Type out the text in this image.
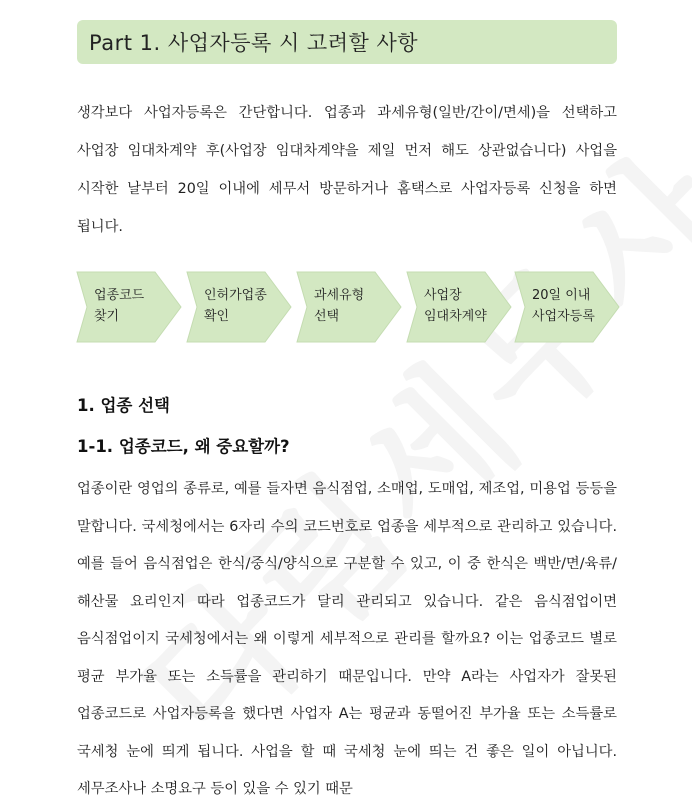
Part 1. 사업자등록 시 고려할 사항

생각보다 사업자등록은 간단합니다. 업종과 과세유형(일반/간이/면세)을 선택하고 사업장 임대차계약 후(사업장 임대차계약을 제일 먼저 해도 상관없습니다) 사업을 시작한 날부터 20일 이내에 세무서 방문하거나 홈택스로 사업자등록 신청을 하면 됩니다.

업종코드
찾기
인허가업종
확인
과세유형
선택
사업장
임대차계약
20일 이내
사업자등록
1. 업종 선택
1-1. 업종코드, 왜 중요할까?

업종이란 영업의 종류로, 예를 들자면 음식점업, 소매업, 도매업, 제조업, 미용업 등등을 말합니다. 국세청에서는 6자리 수의 코드번호로 업종을 세부적으로 관리하고 있습니다. 예를 들어 음식점업은 한식/중식/양식으로 구분할 수 있고, 이 중 한식은 백반/면/육류/해산물 요리인지 따라 업종코드가 달리 관리되고 있습니다. 같은 음식점업이면 음식점업이지 국세청에서는 왜 이렇게 세부적으로 관리를 할까요? 이는 업종코드 별로 평균 부가율 또는 소득률을 관리하기 때문입니다. 만약 A라는 사업자가 잘못된 업종코드로 사업자등록을 했다면 사업자 A는 평균과 동떨어진 부가율 또는 소득률로 국세청 눈에 띄게 됩니다. 사업을 할 때 국세청 눈에 띄는 건 좋은 일이 아닙니다. 세무조사나 소명요구 등이 있을 수 있기 때문
